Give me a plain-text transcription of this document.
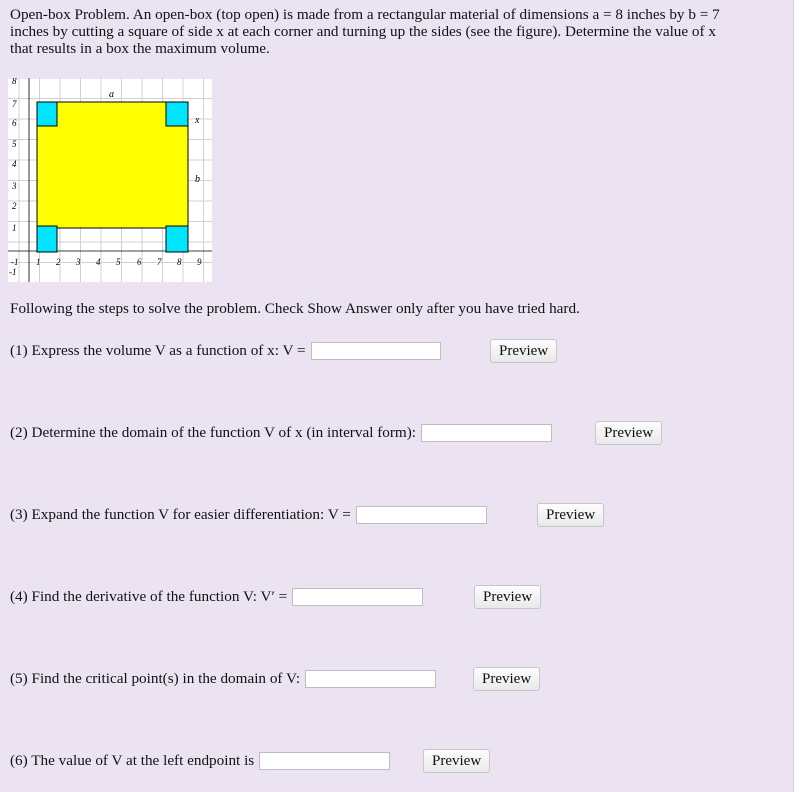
Open-box Problem. An open-box (top open) is made from a rectangular material of dimensions a = 8 inches by b = 7
inches by cutting a square of side x at each corner and turning up the sides (see the figure). Determine the value of x
that results in a box the maximum volume.
a
x
b
8
7
6
5
4
3
2
1
-1
-1 1 2 3 4 5 6 7 8 9
Following the steps to solve the problem. Check Show Answer only after you have tried hard.
(1) Express the volume V as a function of x: V =	Preview
(2) Determine the domain of the function V of x (in interval form):	Preview
(3) Expand the function V for easier differentiation: V =	Preview
(4) Find the derivative of the function V: V′ =	Preview
(5) Find the critical point(s) in the domain of V:	Preview
(6) The value of V at the left endpoint is	Preview
